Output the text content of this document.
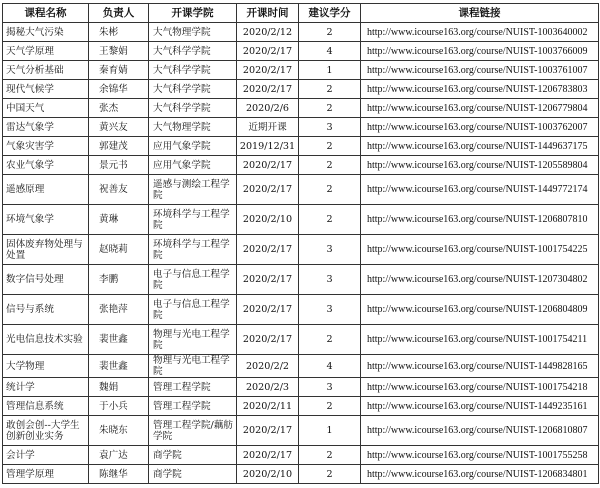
课程名称	负责人	开课学院	开课时间	建议学分	课程链接
揭秘大气污染	朱彬	大气物理学院	2020/2/12	2	http://www.icourse163.org/course/NUIST-1003640002
天气学原理	王黎娟	大气科学学院	2020/2/17	4	http://www.icourse163.org/course/NUIST-1003766009
天气分析基础	秦育婧	大气科学学院	2020/2/17	1	http://www.icourse163.org/course/NUIST-1003761007
现代气候学	余锦华	大气科学学院	2020/2/17	2	http://www.icourse163.org/course/NUIST-1206783803
中国天气	张杰	大气科学学院	2020/2/6	2	http://www.icourse163.org/course/NUIST-1206779804
雷达气象学	黄兴友	大气物理学院	近期开课	3	http://www.icourse163.org/course/NUIST-1003762007
气象灾害学	郭建茂	应用气象学院	2019/12/31	2	http://www.icourse163.org/course/NUIST-1449637175
农业气象学	景元书	应用气象学院	2020/2/17	2	http://www.icourse163.org/course/NUIST-1205589804
遥感原理	祝善友	遥感与测绘工程学院	2020/2/17	2	http://www.icourse163.org/course/NUIST-1449772174
环境气象学	黄琳	环境科学与工程学院	2020/2/10	2	http://www.icourse163.org/course/NUIST-1206807810
固体废弃物处理与处置	赵晓莉	环境科学与工程学院	2020/2/17	3	http://www.icourse163.org/course/NUIST-1001754225
数字信号处理	李鹏	电子与信息工程学院	2020/2/17	3	http://www.icourse163.org/course/NUIST-1207304802
信号与系统	张艳萍	电子与信息工程学院	2020/2/17	3	http://www.icourse163.org/course/NUIST-1206804809
光电信息技术实验	裴世鑫	物理与光电工程学院	2020/2/17	2	http://www.icourse163.org/course/NUIST-1001754211
大学物理	裴世鑫	物理与光电工程学院	2020/2/2	4	http://www.icourse163.org/course/NUIST-1449828165
统计学	魏娟	管理工程学院	2020/2/3	3	http://www.icourse163.org/course/NUIST-1001754218
管理信息系统	于小兵	管理工程学院	2020/2/11	2	http://www.icourse163.org/course/NUIST-1449235161
敢创会创--大学生创新创业实务	朱晓东	管理工程学院/藕舫学院	2020/2/17	1	http://www.icourse163.org/course/NUIST-1206810807
会计学	袁广达	商学院	2020/2/17	2	http://www.icourse163.org/course/NUIST-1001755258
管理学原理	陈继华	商学院	2020/2/10	2	http://www.icourse163.org/course/NUIST-1206834801
